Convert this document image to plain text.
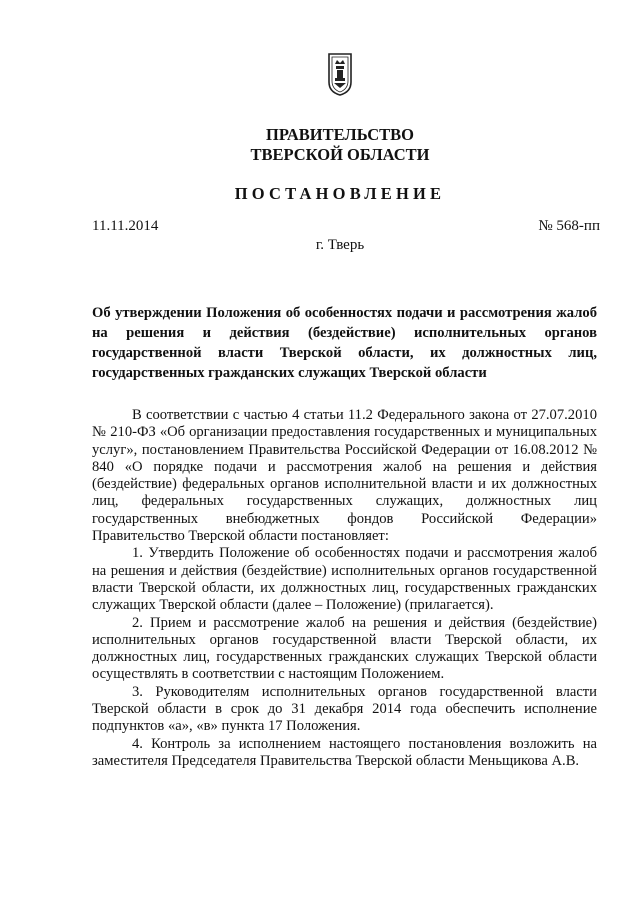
ПРАВИТЕЛЬСТВО
ТВЕРСКОЙ ОБЛАСТИ
ПОСТАНОВЛЕНИЕ
11.11.2014	№ 568-пп
г. Тверь
Об утверждении Положения об особенностях подачи и рассмотрения жалоб на решения и действия (бездействие) исполнительных органов государственной власти Тверской области, их должностных лиц, государственных гражданских служащих Тверской области

В соответствии с частью 4 статьи 11.2 Федерального закона от 27.07.2010 № 210-ФЗ «Об организации предоставления государственных и муниципальных услуг», постановлением Правительства Российской Федерации от 16.08.2012 № 840 «О порядке подачи и рассмотрения жалоб на решения и действия (бездействие) федеральных органов исполнительной власти и их должностных лиц, федеральных государственных служащих, должностных лиц государственных внебюджетных фондов Российской Федерации» Правительство Тверской области постановляет:

1. Утвердить Положение об особенностях подачи и рассмотрения жалоб на решения и действия (бездействие) исполнительных органов государственной власти Тверской области, их должностных лиц, государственных гражданских служащих Тверской области (далее – Положение) (прилагается).

2. Прием и рассмотрение жалоб на решения и действия (бездействие) исполнительных органов государственной власти Тверской области, их должностных лиц, государственных гражданских служащих Тверской области осуществлять в соответствии с настоящим Положением.

3. Руководителям исполнительных органов государственной власти Тверской области в срок до 31 декабря 2014 года обеспечить исполнение подпунктов «а», «в» пункта 17 Положения.

4. Контроль за исполнением настоящего постановления возложить на заместителя Председателя Правительства Тверской области Меньщикова А.В.
